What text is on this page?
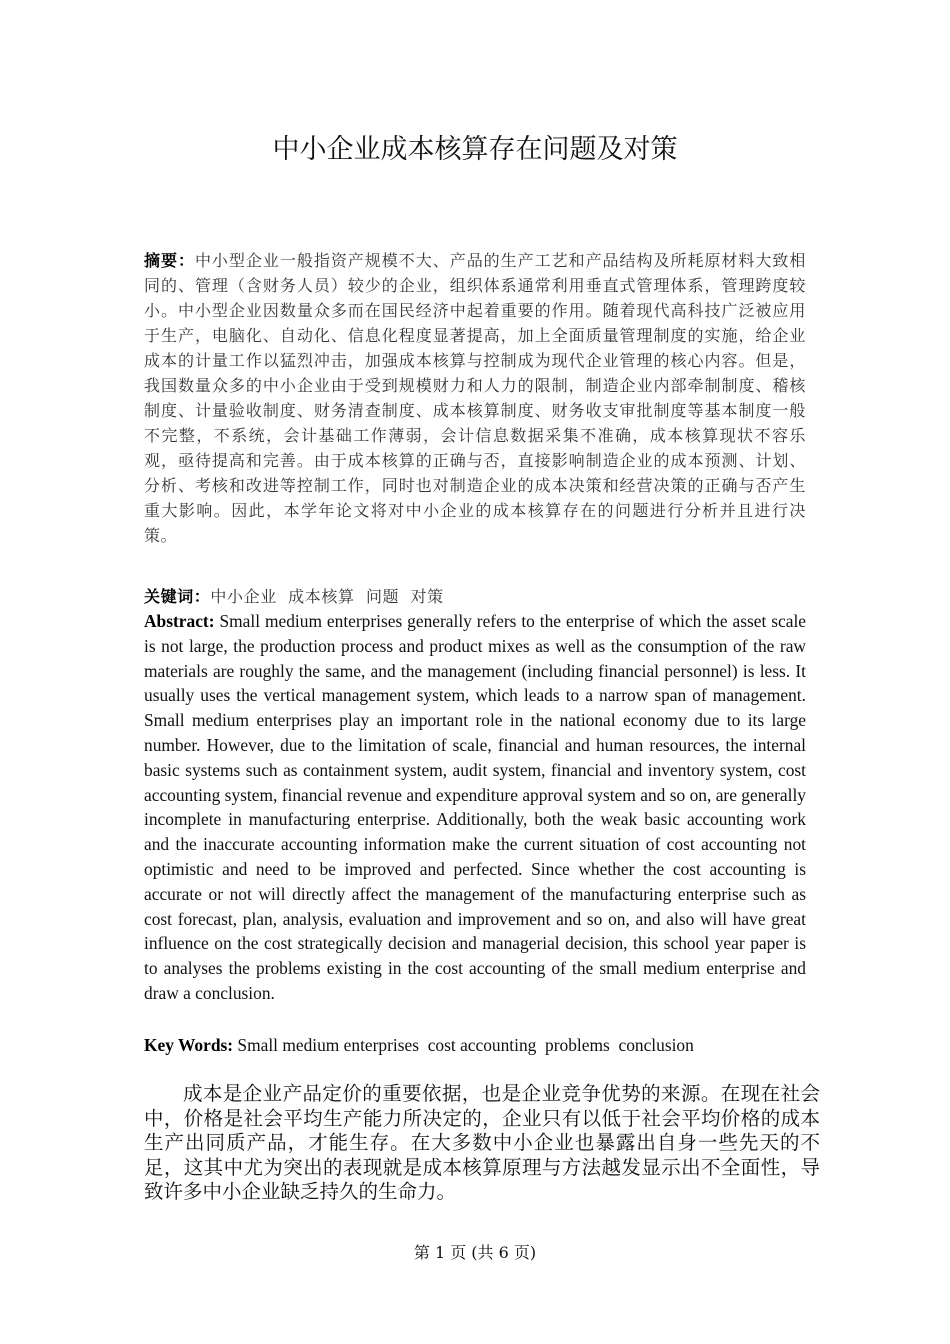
中小企业成本核算存在问题及对策
摘要：中小型企业一般指资产规模不大、产品的生产工艺和产品结构及所耗原材料大致相同的、管理（含财务人员）较少的企业，组织体系通常利用垂直式管理体系，管理跨度较小。中小型企业因数量众多而在国民经济中起着重要的作用。随着现代高科技广泛被应用于生产，电脑化、自动化、信息化程度显著提高，加上全面质量管理制度的实施，给企业成本的计量工作以猛烈冲击，加强成本核算与控制成为现代企业管理的核心内容。但是，我国数量众多的中小企业由于受到规模财力和人力的限制，制造企业内部牵制制度、稽核制度、计量验收制度、财务清查制度、成本核算制度、财务收支审批制度等基本制度一般不完整，不系统，会计基础工作薄弱，会计信息数据采集不准确，成本核算现状不容乐观，亟待提高和完善。由于成本核算的正确与否，直接影响制造企业的成本预测、计划、分析、考核和改进等控制工作，同时也对制造企业的成本决策和经营决策的正确与否产生重大影响。因此，本学年论文将对中小企业的成本核算存在的问题进行分析并且进行决策。
关键词：中小企业  成本核算  问题  对策
Abstract: Small medium enterprises generally refers to the enterprise of which the asset scale is not large, the production process and product mixes as well as the consumption of the raw materials are roughly the same, and the management (including financial personnel) is less. It usually uses the vertical management system, which leads to a narrow span of management. Small medium enterprises play an important role in the national economy due to its large number. However, due to the limitation of scale, financial and human resources, the internal basic systems such as containment system, audit system, financial and inventory system, cost accounting system, financial revenue and expenditure approval system and so on, are generally incomplete in manufacturing enterprise. Additionally, both the weak basic accounting work and the inaccurate accounting information make the current situation of cost accounting not optimistic and need to be improved and perfected. Since whether the cost accounting is accurate or not will directly affect the management of the manufacturing enterprise such as cost forecast, plan, analysis, evaluation and improvement and so on, and also will have great influence on the cost strategically decision and managerial decision, this school year paper is to analyses the problems existing in the cost accounting of the small medium enterprise and draw a conclusion.
Key Words: Small medium enterprises  cost accounting  problems  conclusion

成本是企业产品定价的重要依据，也是企业竞争优势的来源。在现在社会中，价格是社会平均生产能力所决定的，企业只有以低于社会平均价格的成本生产出同质产品，才能生存。在大多数中小企业也暴露出自身一些先天的不足，这其中尤为突出的表现就是成本核算原理与方法越发显示出不全面性，导致许多中小企业缺乏持久的生命力。

第 1 页 (共 6 页)
